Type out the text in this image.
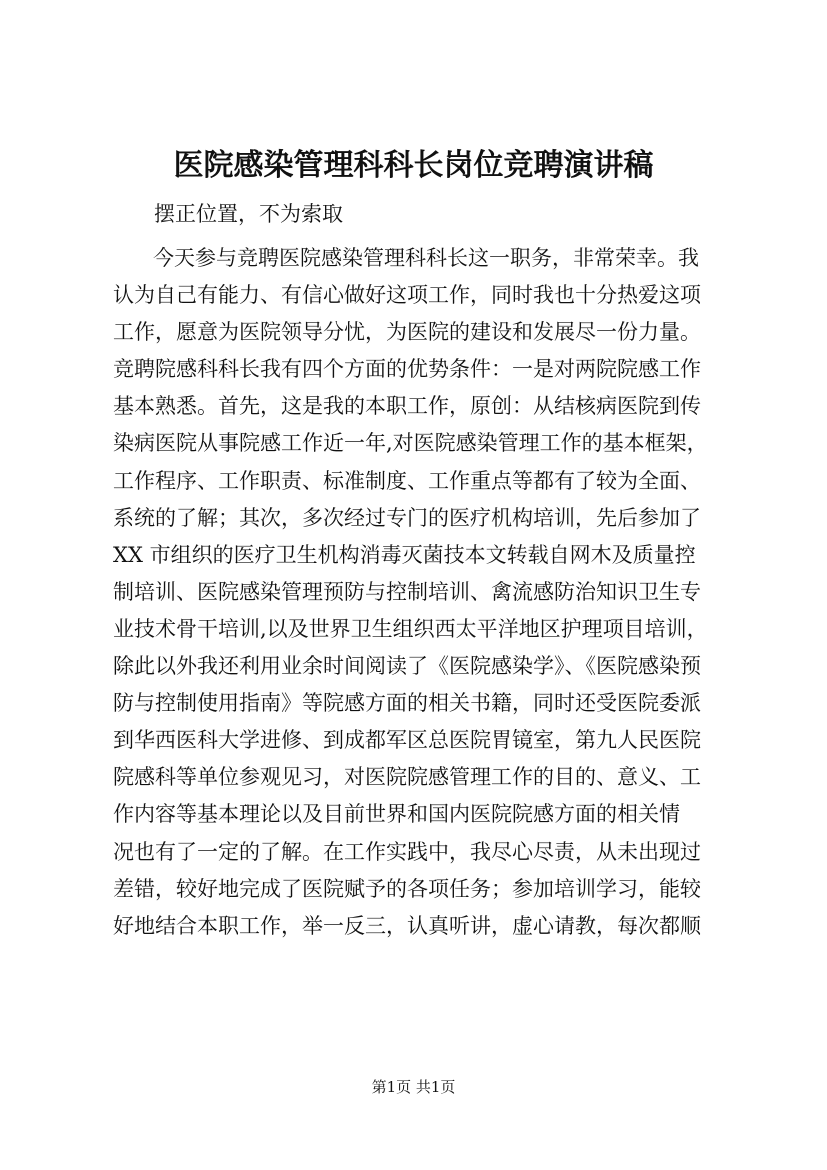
医院感染管理科科长岗位竞聘演讲稿
摆正位置，不为索取
今天参与竞聘医院感染管理科科长这一职务，非常荣幸。我
认为自己有能力、有信心做好这项工作，同时我也十分热爱这项
工作，愿意为医院领导分忧，为医院的建设和发展尽一份力量。
竞聘院感科科长我有四个方面的优势条件：一是对两院院感工作
基本熟悉。首先，这是我的本职工作，原创：从结核病医院到传
染病医院从事院感工作近一年,对医院感染管理工作的基本框架，
工作程序、工作职责、标准制度、工作重点等都有了较为全面、
系统的了解；其次，多次经过专门的医疗机构培训，先后参加了
XX 市组织的医疗卫生机构消毒灭菌技本文转载自网木及质量控
制培训、医院感染管理预防与控制培训、禽流感防治知识卫生专
业技术骨干培训,以及世界卫生组织西太平洋地区护理项目培训，
除此以外我还利用业余时间阅读了《医院感染学》、《医院感染预
防与控制使用指南》等院感方面的相关书籍，同时还受医院委派
到华西医科大学进修、到成都军区总医院胃镜室，第九人民医院
院感科等单位参观见习，对医院院感管理工作的目的、意义、工
作内容等基本理论以及目前世界和国内医院院感方面的相关情
况也有了一定的了解。在工作实践中，我尽心尽责，从未出现过
差错，较好地完成了医院赋予的各项任务；参加培训学习，能较
好地结合本职工作，举一反三，认真听讲，虚心请教，每次都顺
第1页 共1页
